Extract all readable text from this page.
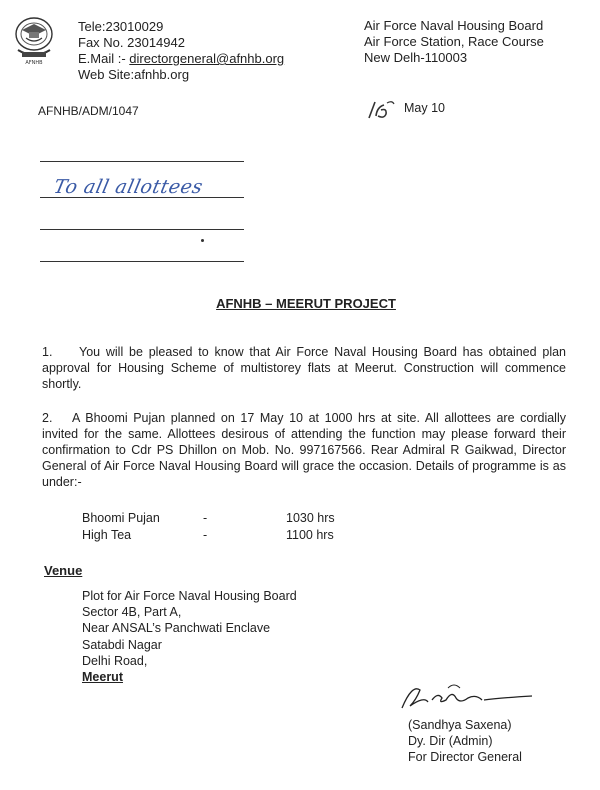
AFNHB
Tele:23010029
Fax No. 23014942
E.Mail :- directorgeneral@afnhb.org
Web Site:afnhb.org
Air Force Naval Housing Board
Air Force Station, Race Course
New Delh-110003
AFNHB/ADM/1047	May 10
To all allottees
AFNHB – MEERUT PROJECT
1. You will be pleased to know that Air Force Naval Housing Board has obtained plan approval for Housing Scheme of multistorey flats at Meerut. Construction will commence shortly.
2. A Bhoomi Pujan planned on 17 May 10 at 1000 hrs at site. All allottees are cordially invited for the same. Allottees desirous of attending the function may please forward their confirmation to Cdr PS Dhillon on Mob. No. 997167566. Rear Admiral R Gaikwad, Director General of Air Force Naval Housing Board will grace the occasion. Details of programme is as under:-
Bhoomi Pujan	-	1030 hrs
High Tea	-	1100 hrs
Venue
Plot for Air Force Naval Housing Board
Sector 4B, Part A,
Near ANSAL’s Panchwati Enclave
Satabdi Nagar
Delhi Road,
Meerut
(Sandhya Saxena)
Dy. Dir (Admin)
For Director General
